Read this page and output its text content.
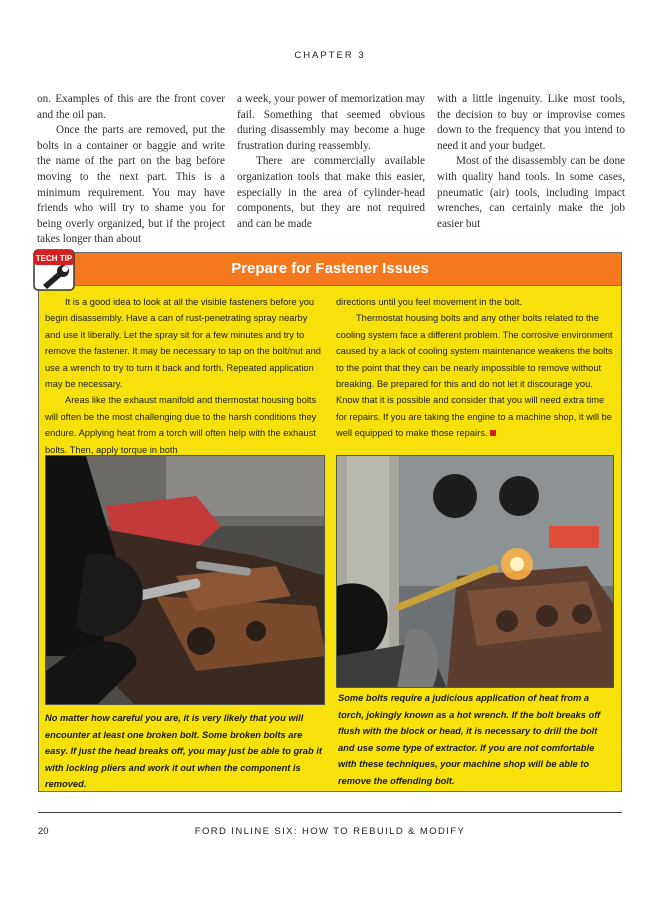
CHAPTER 3

on. Examples of this are the front cover and the oil pan.

Once the parts are removed, put the bolts in a container or baggie and write the name of the part on the bag before moving to the next part. This is a minimum requirement. You may have friends who will try to shame you for being overly organized, but if the project takes longer than about

a week, your power of memorization may fail. Something that seemed obvious during disassembly may become a huge frustration during reassembly.

There are commercially available organization tools that make this easier, especially in the area of cylinder-head components, but they are not required and can be made

with a little ingenuity. Like most tools, the decision to buy or improvise comes down to the frequency that you intend to need it and your budget.

Most of the disassembly can be done with quality hand tools. In some cases, pneumatic (air) tools, including impact wrenches, can certainly make the job easier but

Prepare for Fastener Issues
TECH TIP

It is a good idea to look at all the visible fasteners before you begin disassembly. Have a can of rust-penetrating spray nearby and use it liberally. Let the spray sit for a few minutes and try to remove the fastener. It may be necessary to tap on the bolt/nut and use a wrench to try to turn it back and forth. Repeated application may be necessary.

Areas like the exhaust manifold and thermostat housing bolts will often be the most challenging due to the harsh conditions they endure. Applying heat from a torch will often help with the exhaust bolts. Then, apply torque in both

directions until you feel movement in the bolt.

Thermostat housing bolts and any other bolts related to the cooling system face a different problem. The corrosive environment caused by a lack of cooling system maintenance weakens the bolts to the point that they can be nearly impossible to remove without breaking. Be prepared for this and do not let it discourage you. Know that it is possible and consider that you will need extra time for repairs. If you are taking the engine to a machine shop, it will be well equipped to make those repairs.

No matter how careful you are, it is very likely that you will encounter at least one broken bolt. Some broken bolts are easy. If just the head breaks off, you may just be able to grab it with locking pliers and work it out when the component is removed.
Some bolts require a judicious application of heat from a torch, jokingly known as a hot wrench. If the bolt breaks off flush with the block or head, it is necessary to drill the bolt and use some type of extractor. If you are not comfortable with these techniques, your machine shop will be able to remove the offending bolt.
20	FORD INLINE SIX: HOW TO REBUILD & MODIFY
